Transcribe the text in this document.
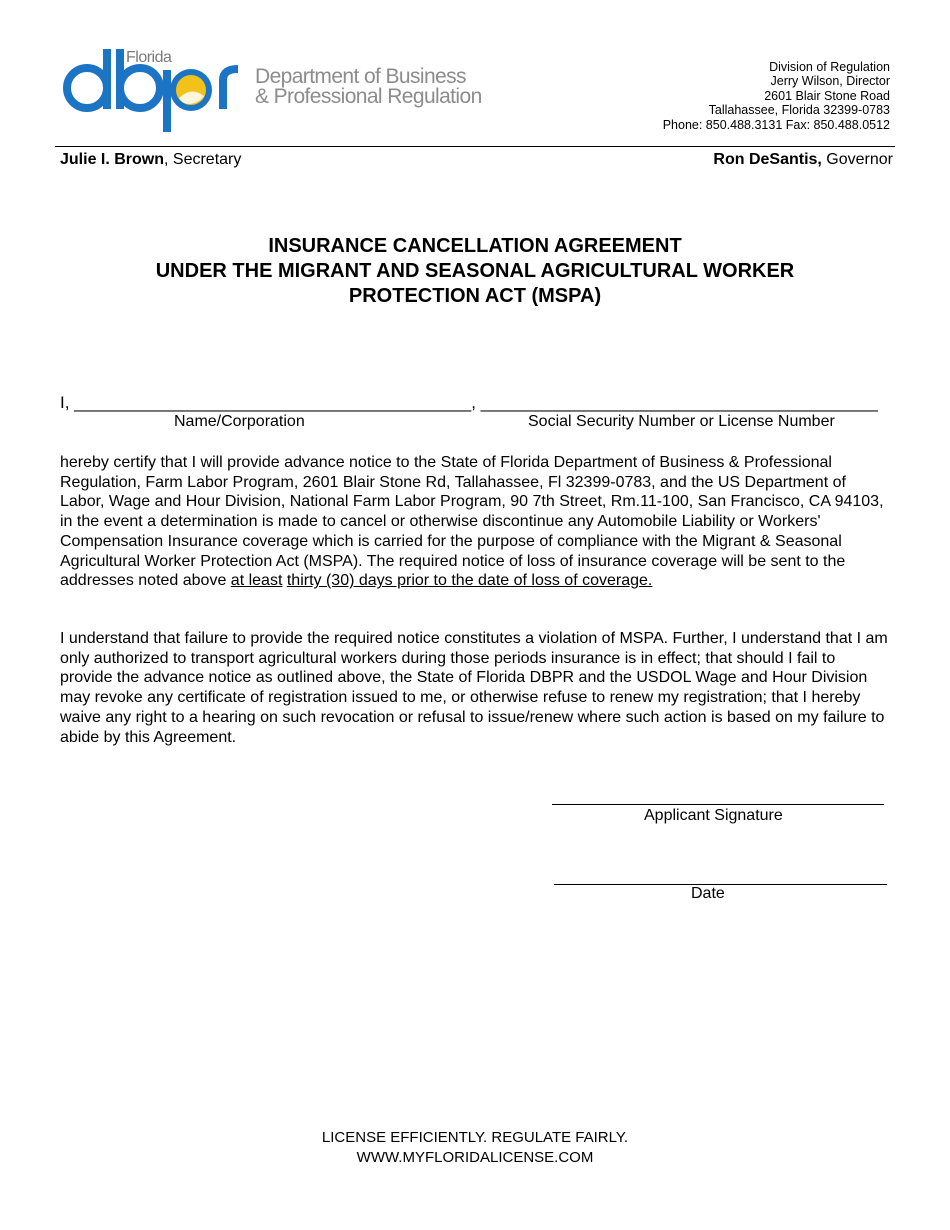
Florida
Department of Business
& Professional Regulation
Division of Regulation
Jerry Wilson, Director
2601 Blair Stone Road
Tallahassee, Florida 32399-0783
Phone: 850.488.3131 Fax: 850.488.0512
Julie I. Brown, Secretary	Ron DeSantis, Governor
INSURANCE CANCELLATION AGREEMENT
UNDER THE MIGRANT AND SEASONAL AGRICULTURAL WORKER
PROTECTION ACT (MSPA)
I, __________________________________________, __________________________________________
Name/Corporation	Social Security Number or License Number
hereby certify that I will provide advance notice to the State of Florida Department of Business & Professional Regulation, Farm Labor Program, 2601 Blair Stone Rd, Tallahassee, Fl 32399-0783, and the US Department of Labor, Wage and Hour Division, National Farm Labor Program, 90 7th Street, Rm.11-100, San Francisco, CA 94103, in the event a determination is made to cancel or otherwise discontinue any Automobile Liability or Workers' Compensation Insurance coverage which is carried for the purpose of compliance with the Migrant & Seasonal Agricultural Worker Protection Act (MSPA). The required notice of loss of insurance coverage will be sent to the addresses noted above at least thirty (30) days prior to the date of loss of coverage.
I understand that failure to provide the required notice constitutes a violation of MSPA. Further, I understand that I am only authorized to transport agricultural workers during those periods insurance is in effect; that should I fail to provide the advance notice as outlined above, the State of Florida DBPR and the USDOL Wage and Hour Division may revoke any certificate of registration issued to me, or otherwise refuse to renew my registration; that I hereby waive any right to a hearing on such revocation or refusal to issue/renew where such action is based on my failure to abide by this Agreement.
Applicant Signature
Date
LICENSE EFFICIENTLY. REGULATE FAIRLY.
WWW.MYFLORIDALICENSE.COM
